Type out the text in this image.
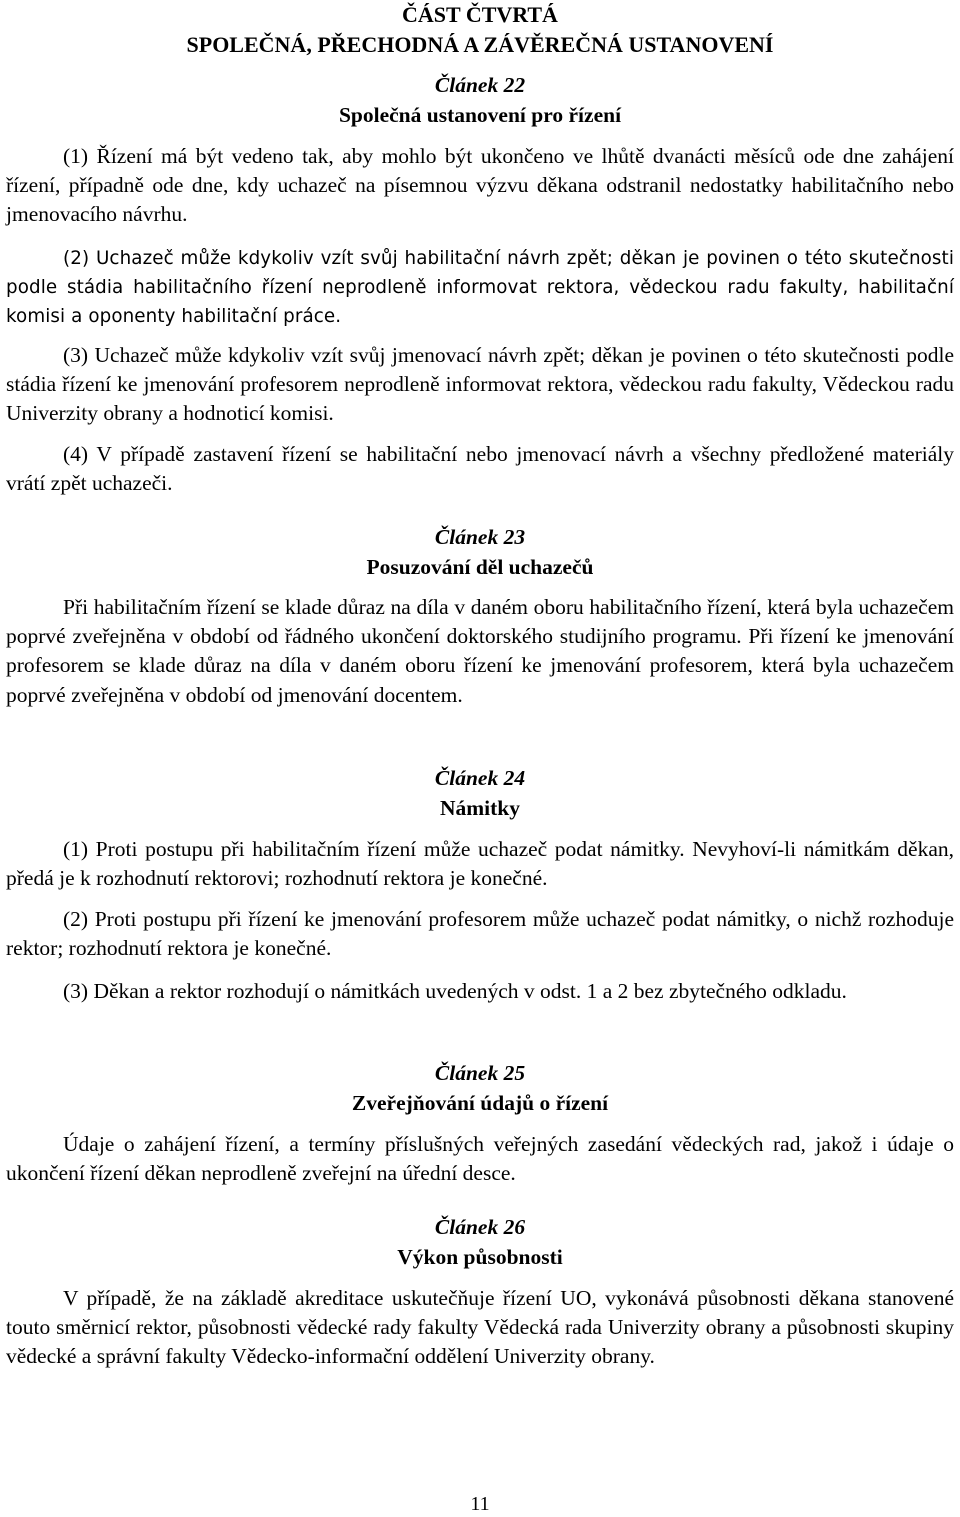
ČÁST ČTVRTÁ
SPOLEČNÁ, PŘECHODNÁ A ZÁVĚREČNÁ USTANOVENÍ
Článek 22
Společná ustanovení pro řízení
(1) Řízení má být vedeno tak, aby mohlo být ukončeno ve lhůtě dvanácti měsíců ode dne zahájení řízení, případně ode dne, kdy uchazeč na písemnou výzvu děkana odstranil nedostatky habilitačního nebo jmenovacího návrhu.
(2) Uchazeč může kdykoliv vzít svůj habilitační návrh zpět; děkan je povinen o této skutečnosti podle stádia habilitačního řízení neprodleně informovat rektora, vědeckou radu fakulty, habilitační komisi a oponenty habilitační práce.
(3) Uchazeč může kdykoliv vzít svůj jmenovací návrh zpět; děkan je povinen o této skutečnosti podle stádia řízení ke jmenování profesorem neprodleně informovat rektora, vědeckou radu fakulty, Vědeckou radu Univerzity obrany a hodnoticí komisi.
(4) V případě zastavení řízení se habilitační nebo jmenovací návrh a všechny předložené materiály vrátí zpět uchazeči.
Článek 23
Posuzování děl uchazečů
Při habilitačním řízení se klade důraz na díla v daném oboru habilitačního řízení, která byla uchazečem poprvé zveřejněna v období od řádného ukončení doktorského studijního programu. Při řízení ke jmenování profesorem se klade důraz na díla v daném oboru řízení ke jmenování profesorem, která byla uchazečem poprvé zveřejněna v období od jmenování docentem.
Článek 24
Námitky
(1) Proti postupu při habilitačním řízení může uchazeč podat námitky. Nevyhoví-li námitkám děkan, předá je k rozhodnutí rektorovi; rozhodnutí rektora je konečné.
(2) Proti postupu při řízení ke jmenování profesorem může uchazeč podat námitky, o nichž rozhoduje rektor; rozhodnutí rektora je konečné.
(3) Děkan a rektor rozhodují o námitkách uvedených v odst. 1 a 2 bez zbytečného odkladu.
Článek 25
Zveřejňování údajů o řízení
Údaje o zahájení řízení, a termíny příslušných veřejných zasedání vědeckých rad, jakož i údaje o ukončení řízení děkan neprodleně zveřejní na úřední desce.
Článek 26
Výkon působnosti
V případě, že na základě akreditace uskutečňuje řízení UO, vykonává působnosti děkana stanovené touto směrnicí rektor, působnosti vědecké rady fakulty Vědecká rada Univerzity obrany a působnosti skupiny vědecké a správní fakulty Vědecko-informační oddělení Univerzity obrany.
11
